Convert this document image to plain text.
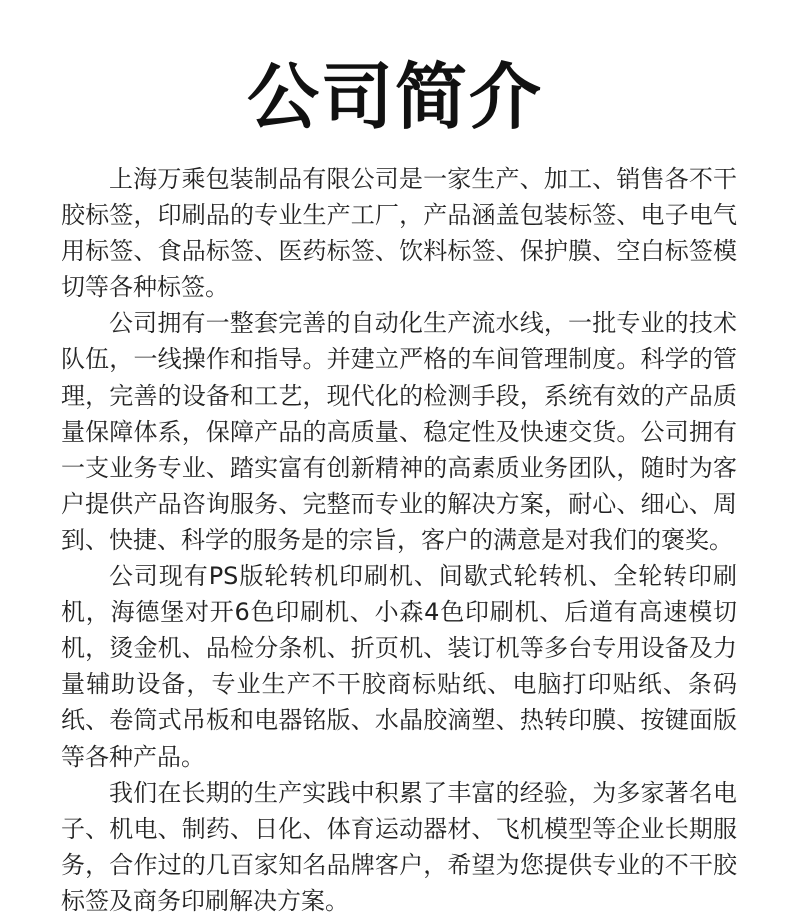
公司简介

上海万乘包装制品有限公司是一家生产、加工、销售各不干胶标签，印刷品的专业生产工厂，产品涵盖包装标签、电子电气用标签、食品标签、医药标签、饮料标签、保护膜、空白标签模切等各种标签。

公司拥有一整套完善的自动化生产流水线，一批专业的技术队伍，一线操作和指导。并建立严格的车间管理制度。科学的管理，完善的设备和工艺，现代化的检测手段，系统有效的产品质量保障体系，保障产品的高质量、稳定性及快速交货。公司拥有一支业务专业、踏实富有创新精神的高素质业务团队，随时为客户提供产品咨询服务、完整而专业的解决方案，耐心、细心、周到、快捷、科学的服务是的宗旨，客户的满意是对我们的褒奖。

公司现有PS版轮转机印刷机、间歇式轮转机、全轮转印刷机，海德堡对开6色印刷机、小森4色印刷机、后道有高速模切机，烫金机、品检分条机、折页机、装订机等多台专用设备及力量辅助设备，专业生产不干胶商标贴纸、电脑打印贴纸、条码纸、卷筒式吊板和电器铭版、水晶胶滴塑、热转印膜、按键面版等各种产品。

我们在长期的生产实践中积累了丰富的经验，为多家著名电子、机电、制药、日化、体育运动器材、飞机模型等企业长期服务，合作过的几百家知名品牌客户，希望为您提供专业的不干胶标签及商务印刷解决方案。
